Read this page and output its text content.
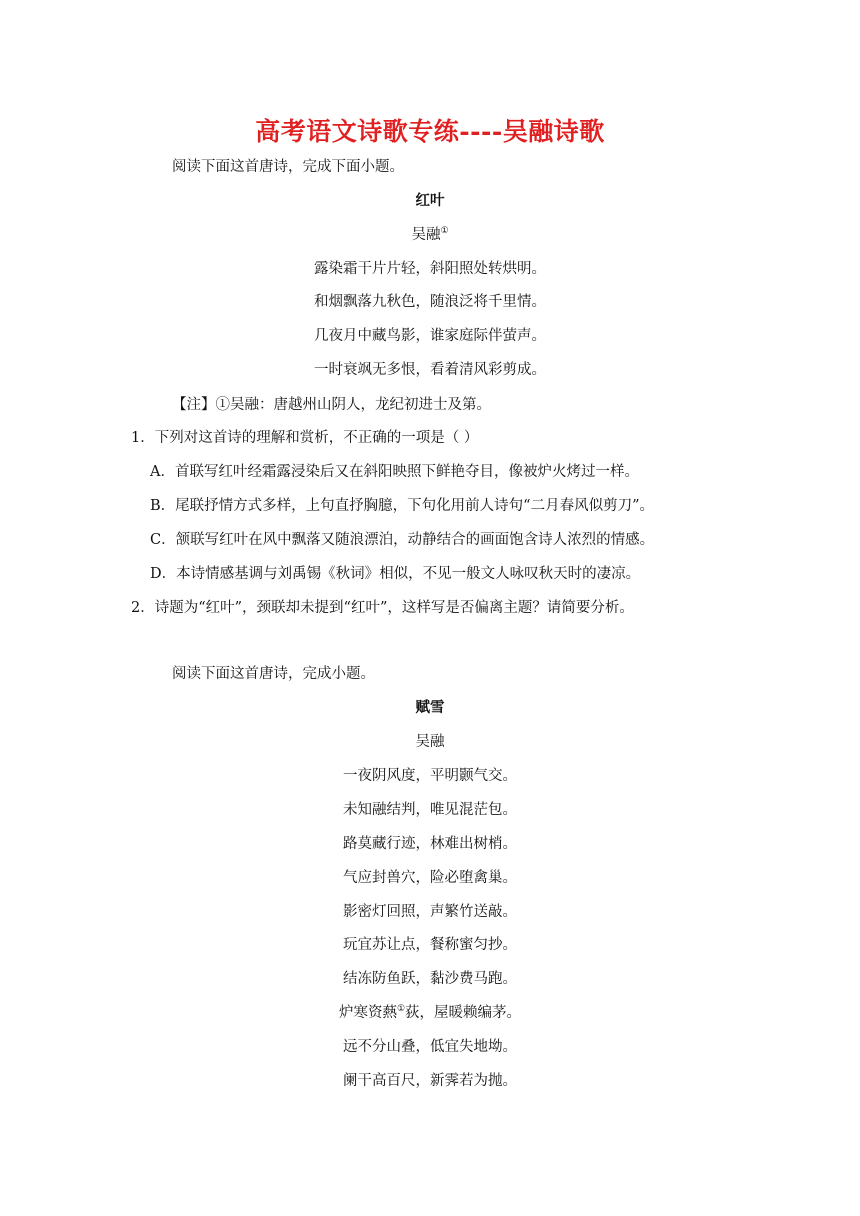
高考语文诗歌专练----吴融诗歌
阅读下面这首唐诗，完成下面小题。
红叶
吴融①
露染霜干片片轻，斜阳照处转烘明。
和烟飘落九秋色，随浪泛将千里情。
几夜月中藏鸟影，谁家庭际伴萤声。
一时衰飒无多恨，看着清风彩剪成。
【注】①吴融：唐越州山阴人，龙纪初进士及第。
1．下列对这首诗的理解和赏析，不正确的一项是（ ）
A．首联写红叶经霜露浸染后又在斜阳映照下鲜艳夺目，像被炉火烤过一样。
B．尾联抒情方式多样，上句直抒胸臆，下句化用前人诗句“二月春风似剪刀”。
C．颔联写红叶在风中飘落又随浪漂泊，动静结合的画面饱含诗人浓烈的情感。
D．本诗情感基调与刘禹锡《秋词》相似，不见一般文人咏叹秋天时的凄凉。
2．诗题为“红叶”，颈联却未提到“红叶”，这样写是否偏离主题？请简要分析。
阅读下面这首唐诗，完成小题。
赋雪
吴融
一夜阴风度，平明颢气交。
未知融结判，唯见混茫包。
路莫藏行迹，林难出树梢。
气应封兽穴，险必堕禽巢。
影密灯回照，声繁竹送敲。
玩宜苏让点，餐称蜜匀抄。
结冻防鱼跃，黏沙费马跑。
炉寒资爇①荻，屋暖赖编茅。
远不分山叠，低宜失地坳。
阑干高百尺，新霁若为抛。
